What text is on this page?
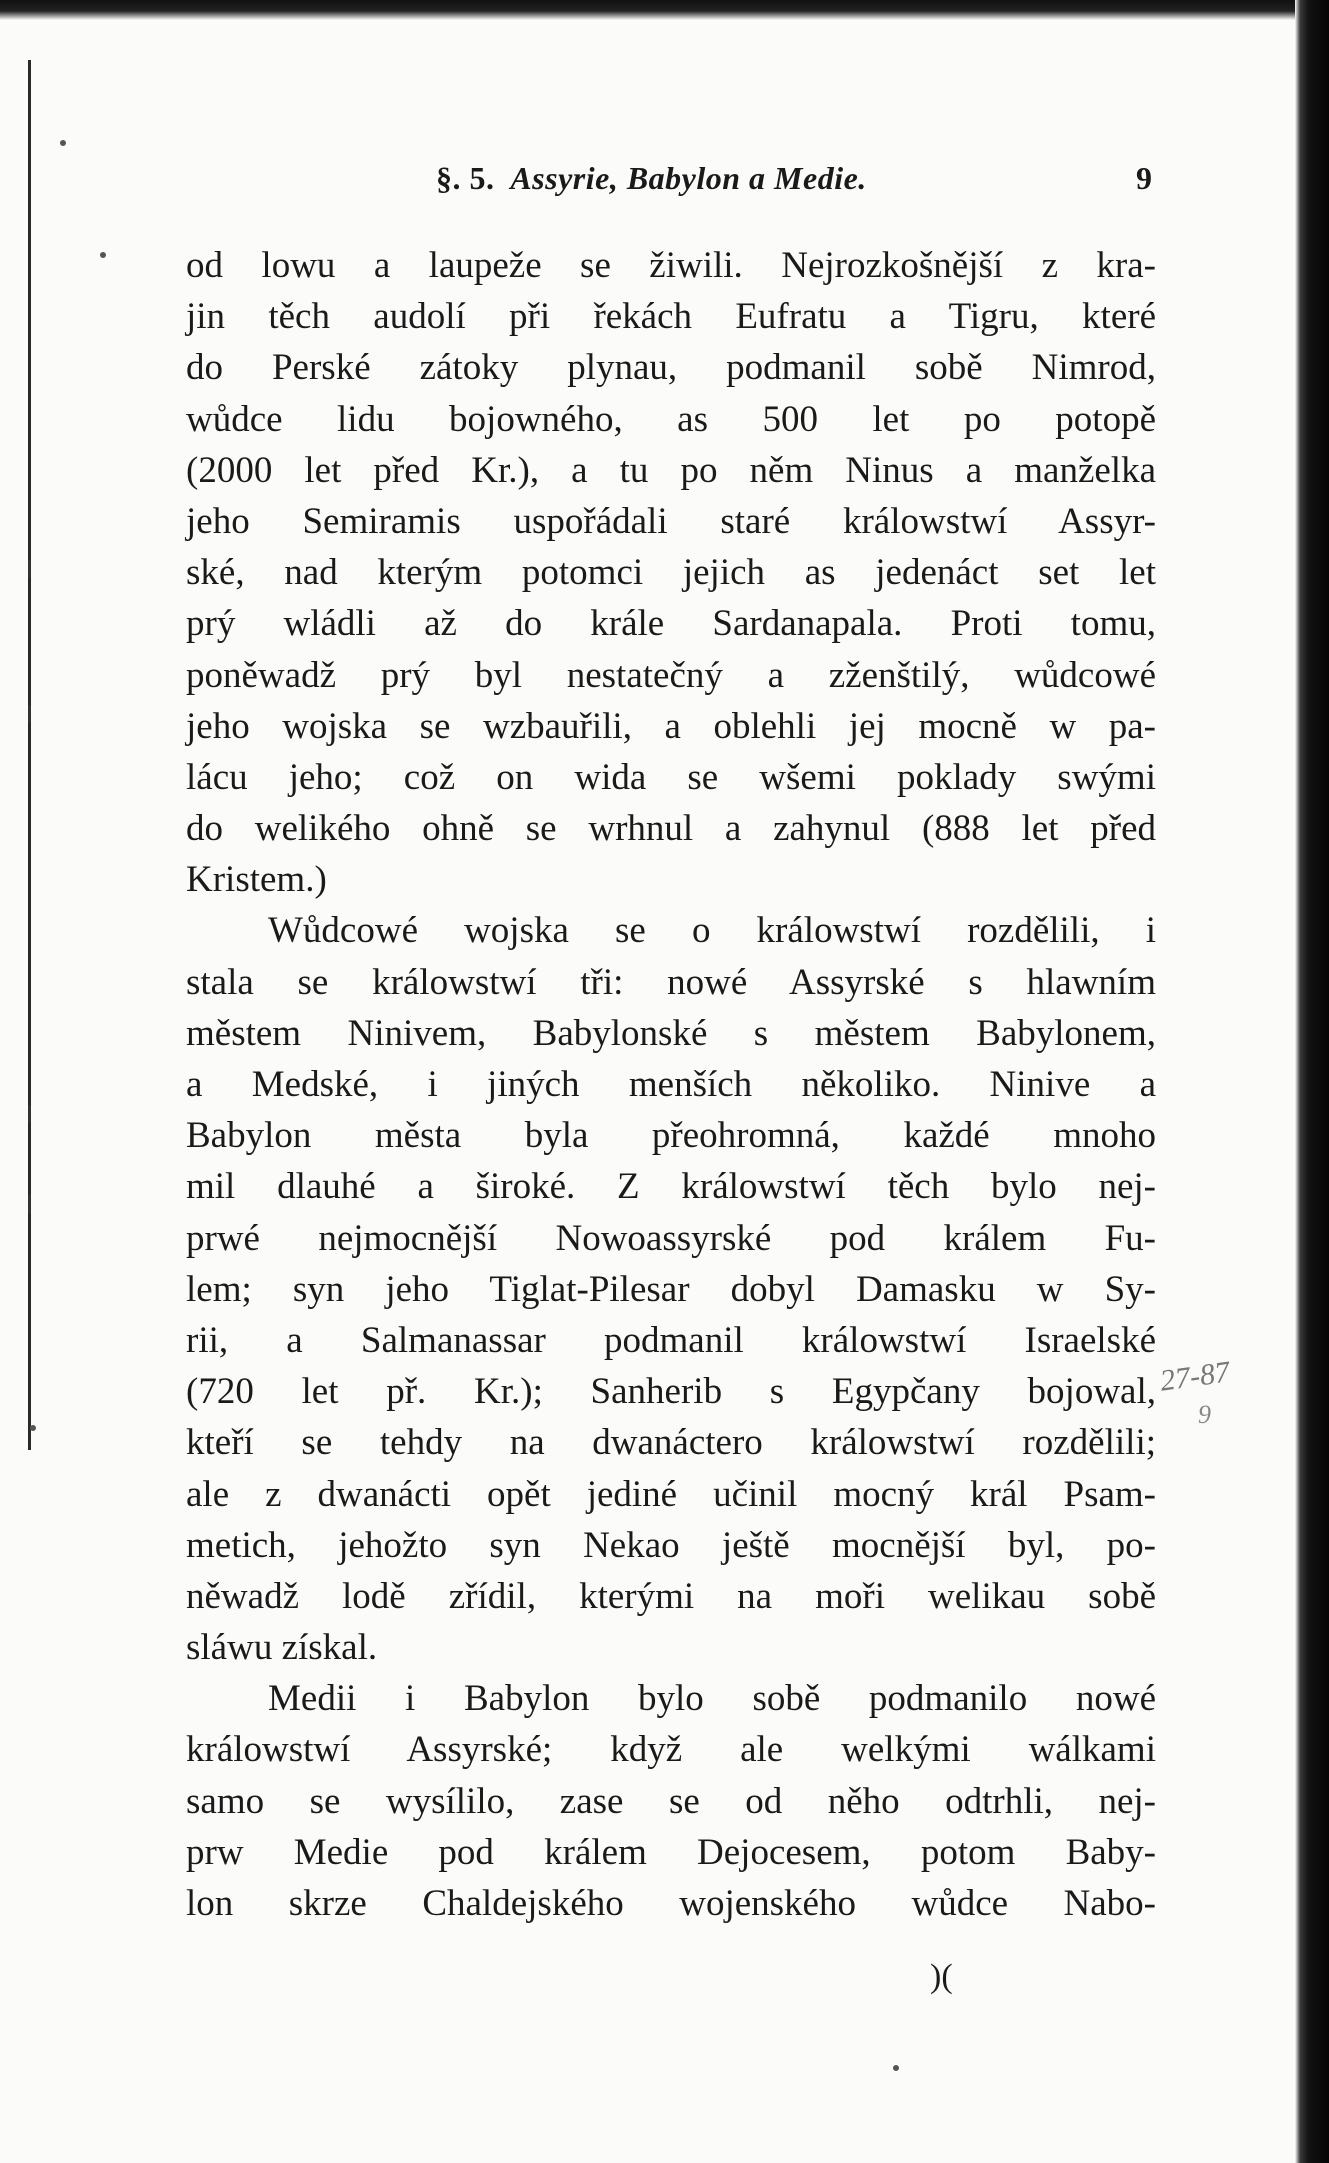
§. 5. Assyrie, Babylon a Medie.	9
od lowu a laupeže se žiwili. Nejrozkošnější z kra-
jin těch audolí při řekách Eufratu a Tigru, které
do Perské zátoky plynau, podmanil sobě Nimrod,
wůdce lidu bojowného, as 500 let po potopě
(2000 let před Kr.), a tu po něm Ninus a manželka
jeho Semiramis uspořádali staré králowstwí Assyr-
ské, nad kterým potomci jejich as jedenáct set let
prý wládli až do krále Sardanapala. Proti tomu,
poněwadž prý byl nestatečný a zženštilý, wůdcowé
jeho wojska se wzbauřili, a oblehli jej mocně w pa-
lácu jeho; což on wida se wšemi poklady swými
do welikého ohně se wrhnul a zahynul (888 let před
Kristem.)
Wůdcowé wojska se o králowstwí rozdělili, i
stala se králowstwí tři: nowé Assyrské s hlawním
městem Ninivem, Babylonské s městem Babylonem,
a Medské, i jiných menších několiko. Ninive a
Babylon města byla přeohromná, každé mnoho
mil dlauhé a široké. Z králowstwí těch bylo nej-
prwé nejmocnější Nowoassyrské pod králem Fu-
lem; syn jeho Tiglat-Pilesar dobyl Damasku w Sy-
rii, a Salmanassar podmanil králowstwí Israelské
(720 let př. Kr.); Sanherib s Egypčany bojowal,
kteří se tehdy na dwanáctero králowstwí rozdělili;
ale z dwanácti opět jediné učinil mocný král Psam-
metich, jehožto syn Nekao ještě mocnější byl, po-
něwadž lodě zřídil, kterými na moři welikau sobě
sláwu získal.
Medii i Babylon bylo sobě podmanilo nowé
králowstwí Assyrské; když ale welkými wálkami
samo se wysílilo, zase se od něho odtrhli, nej-
prw Medie pod králem Dejocesem, potom Baby-
lon skrze Chaldejského wojenského wůdce Nabo-
27-87
9
)(
